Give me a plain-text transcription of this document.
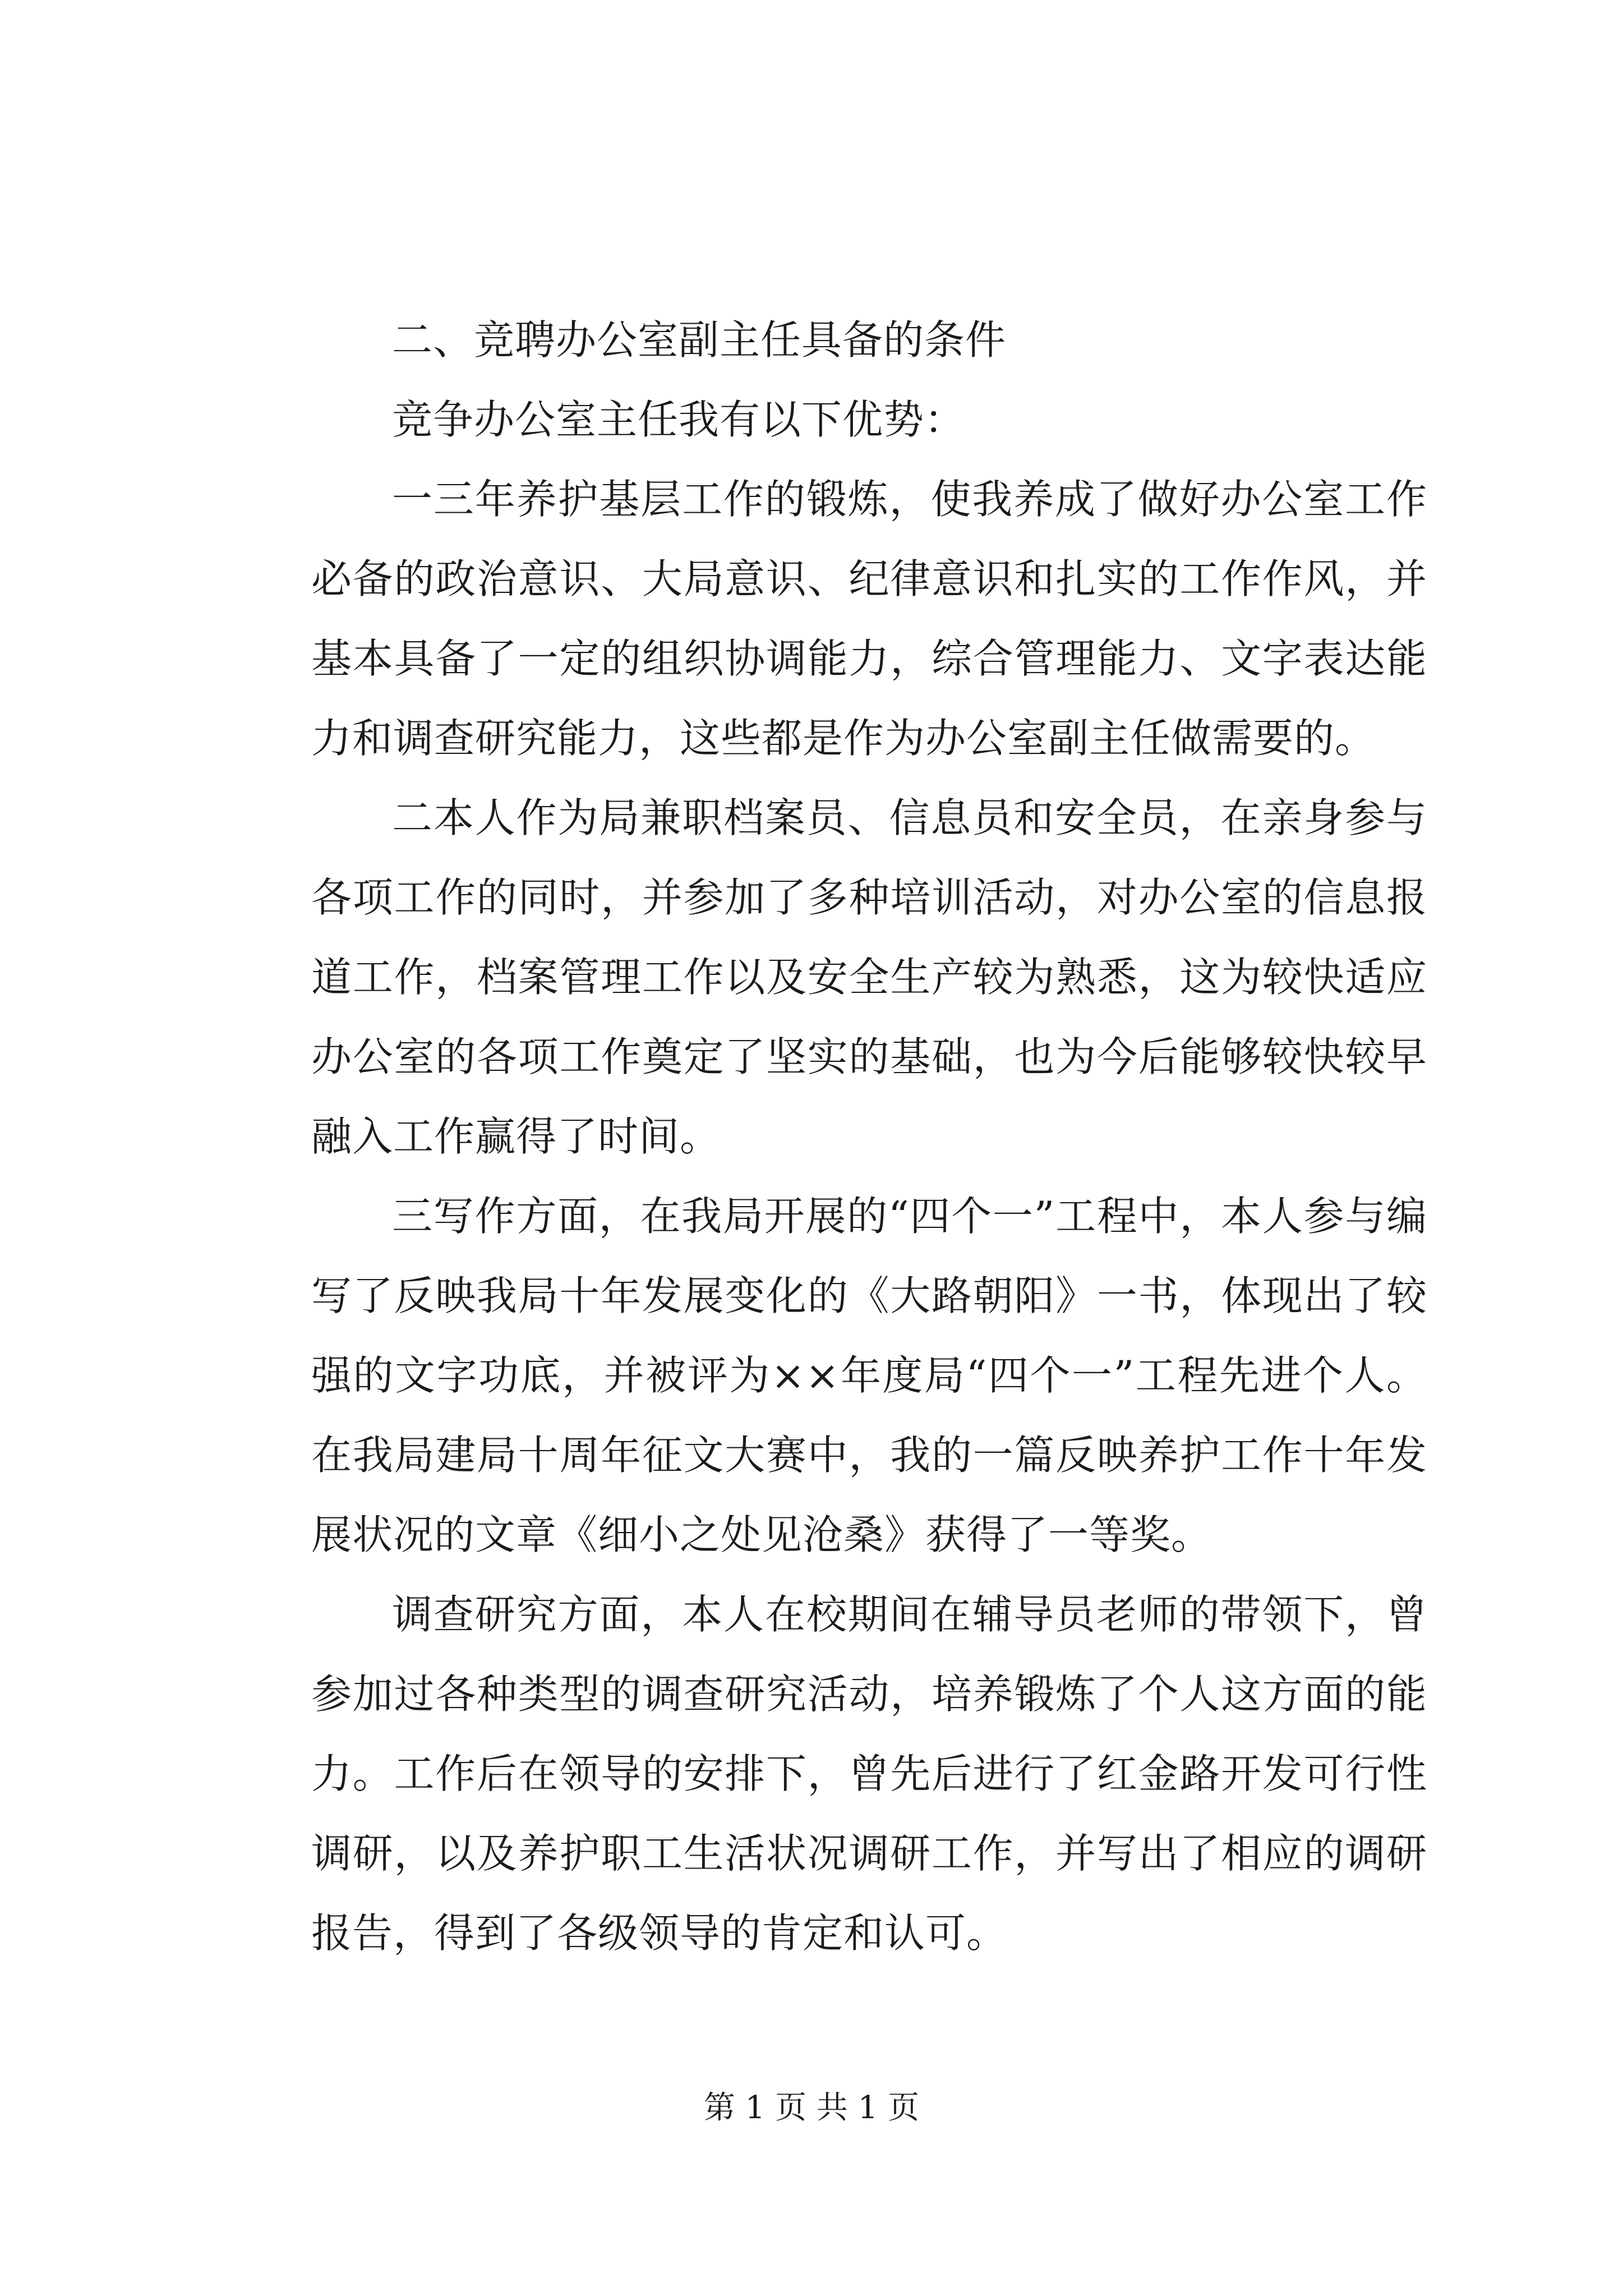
二、竞聘办公室副主任具备的条件

竞争办公室主任我有以下优势：

一三年养护基层工作的锻炼，使我养成了做好办公室工作必备的政治意识、大局意识、纪律意识和扎实的工作作风，并基本具备了一定的组织协调能力，综合管理能力、文字表达能力和调查研究能力，这些都是作为办公室副主任做需要的。

二本人作为局兼职档案员、信息员和安全员，在亲身参与各项工作的同时，并参加了多种培训活动，对办公室的信息报道工作，档案管理工作以及安全生产较为熟悉，这为较快适应办公室的各项工作奠定了坚实的基础，也为今后能够较快较早融入工作赢得了时间。

三写作方面，在我局开展的“四个一”工程中，本人参与编写了反映我局十年发展变化的《大路朝阳》一书，体现出了较强的文字功底，并被评为××年度局“四个一”工程先进个人。在我局建局十周年征文大赛中，我的一篇反映养护工作十年发展状况的文章《细小之处见沧桑》获得了一等奖。

调查研究方面，本人在校期间在辅导员老师的带领下，曾参加过各种类型的调查研究活动，培养锻炼了个人这方面的能力。工作后在领导的安排下，曾先后进行了红金路开发可行性调研，以及养护职工生活状况调研工作，并写出了相应的调研报告，得到了各级领导的肯定和认可。

第 1 页 共 1 页
